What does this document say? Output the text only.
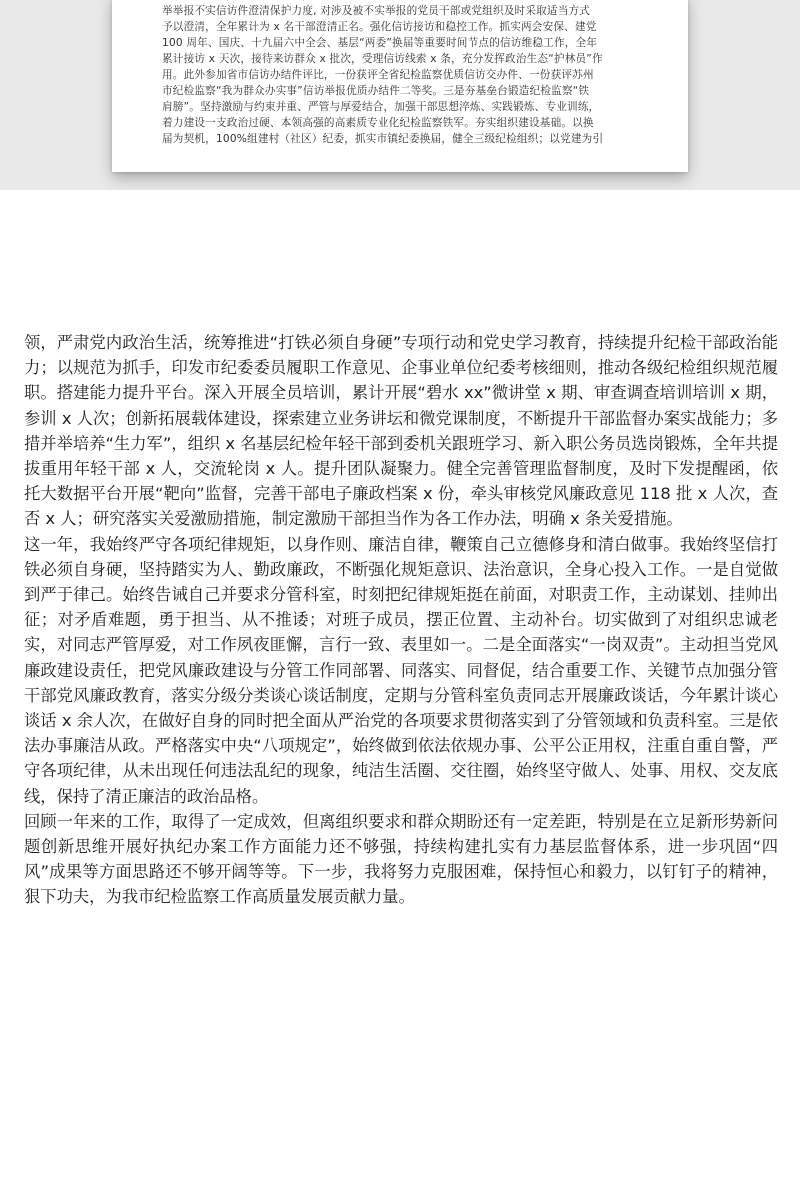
举举报不实信访件澄清保护力度, 对涉及被不实举报的党员干部或党组织及时采取适当方式
予以澄清，全年累计为 x 名干部澄清正名。强化信访接访和稳控工作。抓实两会安保、建党
100 周年、国庆、十九届六中全会、基层“两委”换届等重要时间节点的信访维稳工作，全年
累计接访 x 天次，接待来访群众 x 批次，受理信访线索 x 条，充分发挥政治生态“护林员”作
用。此外参加省市信访办结件评比，一份获评全省纪检监察优质信访交办件、一份获评苏州
市纪检监察“我为群众办实事”信访举报优质办结件二等奖。三是夯基垒台锻造纪检监察“铁
肩膀”。坚持激励与约束并重、严管与厚爱结合，加强干部思想淬炼、实践锻炼、专业训练，
着力建设一支政治过硬、本领高强的高素质专业化纪检监察铁军。夯实组织建设基础。以换
届为契机，100%组建村（社区）纪委，抓实市镇纪委换届，健全三级纪检组织；以党建为引

领，严肃党内政治生活，统筹推进“打铁必须自身硬”专项行动和党史学习教育，持续提升纪检干部政治能力；以规范为抓手，印发市纪委委员履职工作意见、企事业单位纪委考核细则，推动各级纪检组织规范履职。搭建能力提升平台。深入开展全员培训，累计开展“碧水 xx”微讲堂 x 期、审查调查培训培训 x 期，参训 x 人次；创新拓展载体建设，探索建立业务讲坛和微党课制度，不断提升干部监督办案实战能力；多措并举培养“生力军”，组织 x 名基层纪检年轻干部到委机关跟班学习、新入职公务员选岗锻炼，全年共提拔重用年轻干部 x 人，交流轮岗 x 人。提升团队凝聚力。健全完善管理监督制度，及时下发提醒函，依托大数据平台开展“靶向”监督，完善干部电子廉政档案 x 份，牵头审核党风廉政意见 118 批 x 人次，查否 x 人；研究落实关爱激励措施，制定激励干部担当作为各工作办法，明确 x 条关爱措施。

这一年，我始终严守各项纪律规矩，以身作则、廉洁自律，鞭策自己立德修身和清白做事。我始终坚信打铁必须自身硬，坚持踏实为人、勤政廉政，不断强化规矩意识、法治意识，全身心投入工作。一是自觉做到严于律己。始终告诫自己并要求分管科室，时刻把纪律规矩挺在前面，对职责工作，主动谋划、挂帅出征；对矛盾难题，勇于担当、从不推诿；对班子成员，摆正位置、主动补台。切实做到了对组织忠诚老实，对同志严管厚爱，对工作夙夜匪懈，言行一致、表里如一。二是全面落实“一岗双责”。主动担当党风廉政建设责任，把党风廉政建设与分管工作同部署、同落实、同督促，结合重要工作、关键节点加强分管干部党风廉政教育，落实分级分类谈心谈话制度，定期与分管科室负责同志开展廉政谈话，今年累计谈心谈话 x 余人次，在做好自身的同时把全面从严治党的各项要求贯彻落实到了分管领域和负责科室。三是依法办事廉洁从政。严格落实中央“八项规定”，始终做到依法依规办事、公平公正用权，注重自重自警，严守各项纪律，从未出现任何违法乱纪的现象，纯洁生活圈、交往圈，始终坚守做人、处事、用权、交友底线，保持了清正廉洁的政治品格。

回顾一年来的工作，取得了一定成效，但离组织要求和群众期盼还有一定差距，特别是在立足新形势新问题创新思维开展好执纪办案工作方面能力还不够强，持续构建扎实有力基层监督体系，进一步巩固“四风”成果等方面思路还不够开阔等等。下一步，我将努力克服困难，保持恒心和毅力，以钉钉子的精神，狠下功夫，为我市纪检监察工作高质量发展贡献力量。
